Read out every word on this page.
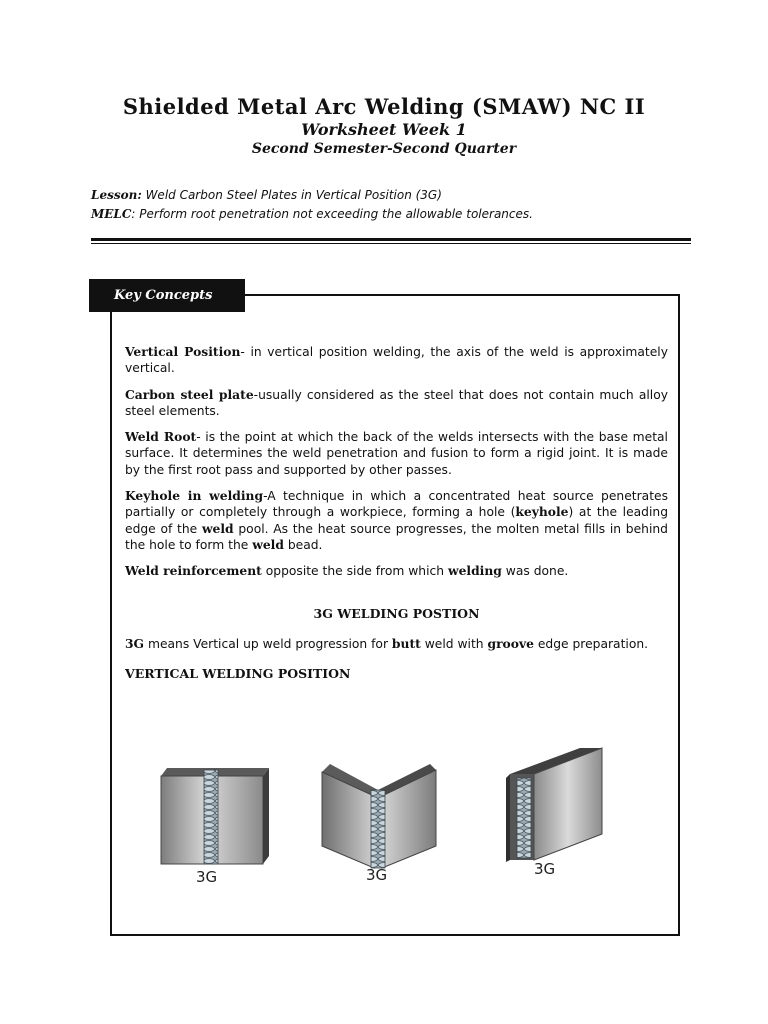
Shielded Metal Arc Welding (SMAW) NC II
Worksheet Week 1
Second Semester-Second Quarter
Lesson: Weld Carbon Steel Plates in Vertical Position (3G)
MELC: Perform root penetration not exceeding the allowable tolerances.
Key Concepts

Vertical Position- in vertical position welding, the axis of the weld is approximately vertical.

Carbon steel plate-usually considered as the steel that does not contain much alloy steel elements.

Weld Root- is the point at which the back of the welds intersects with the base metal surface. It determines the weld penetration and fusion to form a rigid joint. It is made by the first root pass and supported by other passes.

Keyhole in welding-A technique in which a concentrated heat source penetrates partially or completely through a workpiece, forming a hole (keyhole) at the leading edge of the weld pool. As the heat source progresses, the molten metal fills in behind the hole to form the weld bead.

Weld reinforcement opposite the side from which welding was done.

3G WELDING POSTION

3G means Vertical up weld progression for butt weld with groove edge preparation.

VERTICAL WELDING POSITION
3G	3G	3G
